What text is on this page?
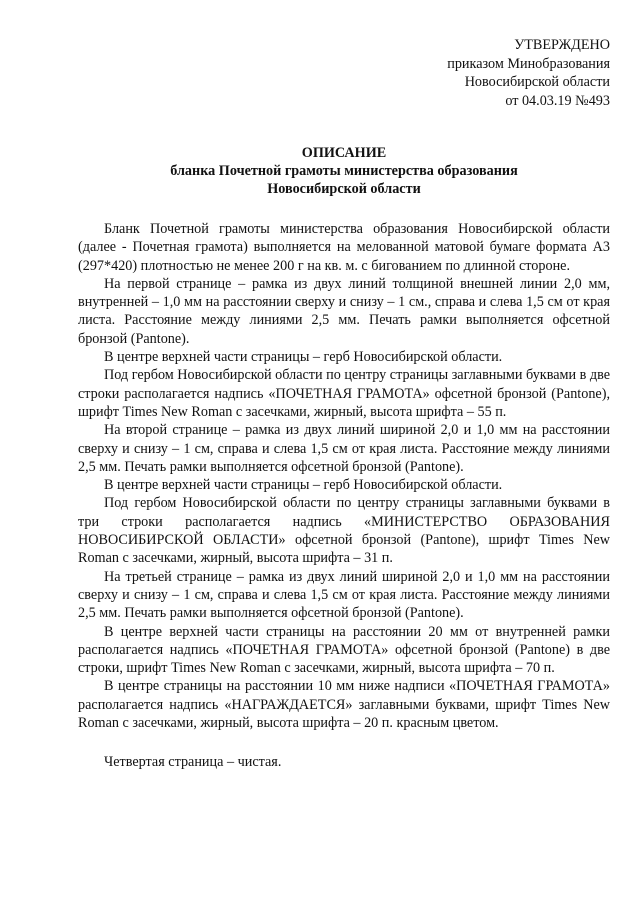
УТВЕРЖДЕНО
приказом Минобразования
Новосибирской области
от 04.03.19 №493
ОПИСАНИЕ
бланка Почетной грамоты министерства образования
Новосибирской области

Бланк Почетной грамоты министерства образования Новосибирской области (далее - Почетная грамота) выполняется на мелованной матовой бумаге формата А3 (297*420) плотностью не менее 200 г на кв. м. с бигованием по длинной стороне.

На первой странице – рамка из двух линий толщиной внешней линии 2,0 мм, внутренней – 1,0 мм на расстоянии сверху и снизу – 1 см., справа и слева 1,5 см от края листа. Расстояние между линиями 2,5 мм. Печать рамки выполняется офсетной бронзой (Pantone).

В центре верхней части страницы – герб Новосибирской области.

Под гербом Новосибирской области по центру страницы заглавными буквами в две строки располагается надпись «ПОЧЕТНАЯ ГРАМОТА» офсетной бронзой (Pantone), шрифт Times New Roman с засечками, жирный, высота шрифта – 55 п.

На второй странице – рамка из двух линий шириной 2,0 и 1,0 мм на расстоянии сверху и снизу – 1 см, справа и слева 1,5 см от края листа. Расстояние между линиями 2,5 мм. Печать рамки выполняется офсетной бронзой (Pantone).

В центре верхней части страницы – герб Новосибирской области.

Под гербом Новосибирской области по центру страницы заглавными буквами в три строки располагается надпись «МИНИСТЕРСТВО ОБРАЗОВАНИЯ НОВОСИБИРСКОЙ ОБЛАСТИ» офсетной бронзой (Pantone), шрифт Times New Roman с засечками, жирный, высота шрифта – 31 п.

На третьей странице – рамка из двух линий шириной 2,0 и 1,0 мм на расстоянии сверху и снизу – 1 см, справа и слева 1,5 см от края листа. Расстояние между линиями 2,5 мм. Печать рамки выполняется офсетной бронзой (Pantone).

В центре верхней части страницы на расстоянии 20 мм от внутренней рамки располагается надпись «ПОЧЕТНАЯ ГРАМОТА» офсетной бронзой (Pantone) в две строки, шрифт Times New Roman с засечками, жирный, высота шрифта – 70 п.

В центре страницы на расстоянии 10 мм ниже надписи «ПОЧЕТНАЯ ГРАМОТА» располагается надпись «НАГРАЖДАЕТСЯ» заглавными буквами, шрифт Times New Roman с засечками, жирный, высота шрифта – 20 п. красным цветом.

Четвертая страница – чистая.
